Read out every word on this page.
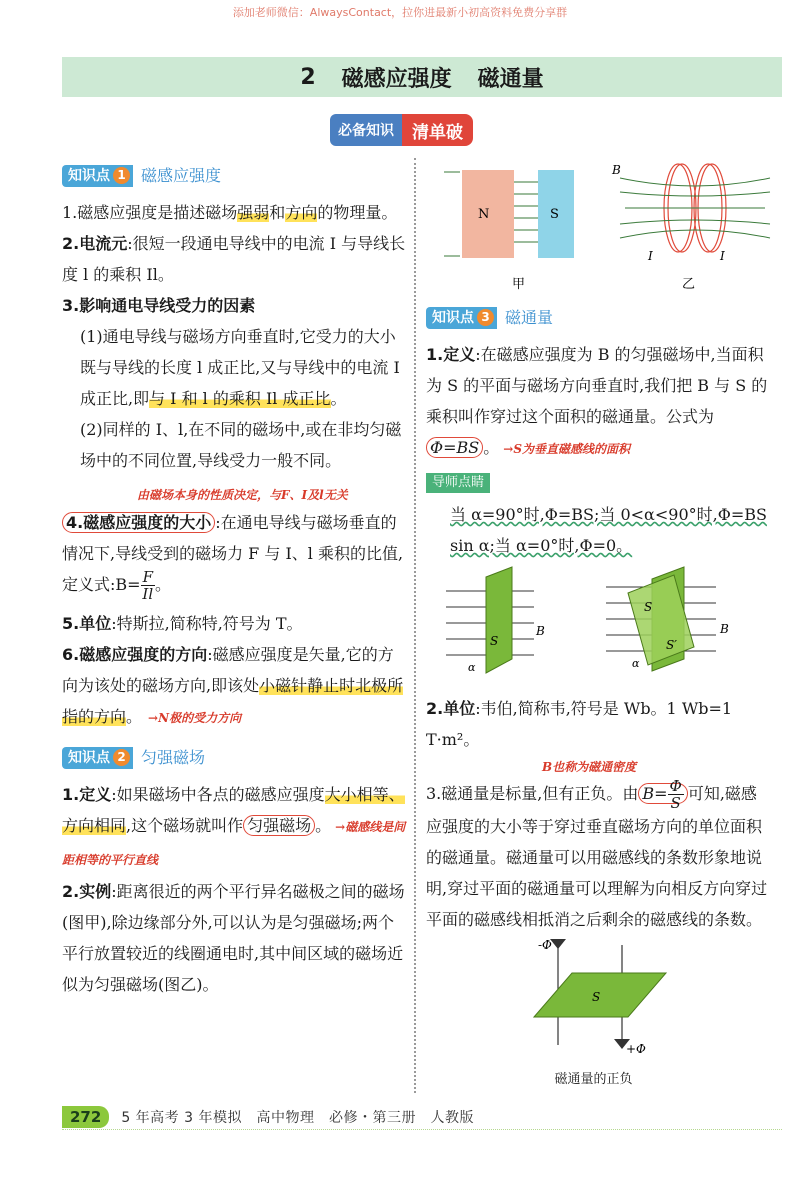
添加老师微信：AlwaysContact，拉你进最新小初高资料免费分享群
2 磁感应强度 磁通量
必备知识	清单破
知识点 1 磁感应强度

1.磁感应强度是描述磁场强弱和方向的物理量。

2.电流元:很短一段通电导线中的电流 I 与导线长度 l 的乘积 Il。

3.影响通电导线受力的因素

(1)通电导线与磁场方向垂直时,它受力的大小既与导线的长度 l 成正比,又与导线中的电流 I 成正比,即与 I 和 l 的乘积 Il 成正比。

(2)同样的 I、l,在不同的磁场中,或在非均匀磁场中的不同位置,导线受力一般不同。

由磁场本身的性质决定，与F、I及l无关

4.磁感应强度的大小 :在通电导线与磁场垂直的情况下,导线受到的磁场力 F 与 I、l 乘积的比值,定义式:B= $\frac{F}{Il}$ 。

5.单位:特斯拉,简称特,符号为 T。

6.磁感应强度的方向:磁感应强度是矢量,它的方向为该处的磁场方向,即该处小磁针静止时北极所指的方向。 →N极的受力方向

知识点 2 匀强磁场

1.定义:如果磁场中各点的磁感应强度大小相等、方向相同,这个磁场就叫作 匀强磁场 。 →磁感线是间距相等的平行直线

2.实例:距离很近的两个平行异名磁极之间的磁场(图甲),除边缘部分外,可以认为是匀强磁场;两个平行放置较近的线圈通电时,其中间区域的磁场近似为匀强磁场(图乙)。

N	S
甲
B
I	I
乙
知识点 3 磁通量

1.定义:在磁感应强度为 B 的匀强磁场中,当面积为 S 的平面与磁场方向垂直时,我们把 B 与 S 的乘积叫作穿过这个面积的磁通量。公式为Φ=BS 。 →S为垂直磁感线的面积

导师点睛

当 α=90°时,Φ=BS;当 0<α<90°时,Φ=BS sin α;当 α=0°时,Φ=0。

S
B
α
S
S′
B
α

2.单位:韦伯,简称韦,符号是 Wb。1 Wb=1 T·m²。

B也称为磁通密度

3.磁通量是标量,但有正负。由 $B= \frac{\Phi}{S}$ 可知,磁感应强度的大小等于穿过垂直磁场方向的单位面积的磁通量。磁通量可以用磁感线的条数形象地说明,穿过平面的磁通量可以理解为向相反方向穿过平面的磁感线相抵消之后剩余的磁感线的条数。

S
-Φ
+Φ

磁通量的正负

272	5 年高考 3 年模拟　高中物理　必修・第三册　人教版
